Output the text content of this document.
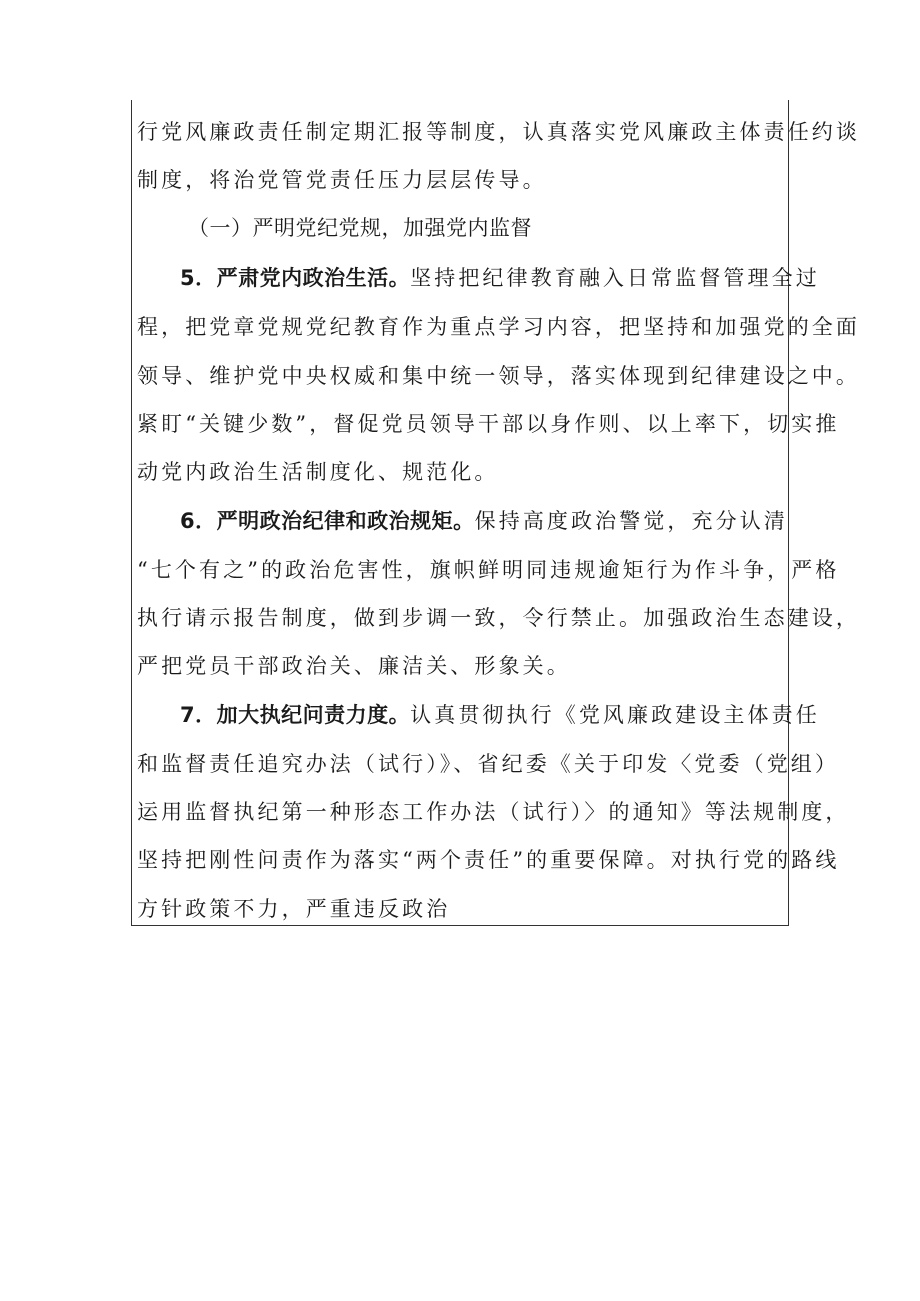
行党风廉政责任制定期汇报等制度，认真落实党风廉政主体责任约谈
制度，将治党管党责任压力层层传导。
（一）严明党纪党规，加强党内监督
5．严肃党内政治生活。坚持把纪律教育融入日常监督管理全过
程，把党章党规党纪教育作为重点学习内容，把坚持和加强党的全面
领导、维护党中央权威和集中统一领导，落实体现到纪律建设之中。
紧盯“关键少数”，督促党员领导干部以身作则、以上率下，切实推
动党内政治生活制度化、规范化。
6．严明政治纪律和政治规矩。保持高度政治警觉，充分认清
“七个有之”的政治危害性，旗帜鲜明同违规逾矩行为作斗争，严格
执行请示报告制度，做到步调一致，令行禁止。加强政治生态建设，
严把党员干部政治关、廉洁关、形象关。
7．加大执纪问责力度。认真贯彻执行《党风廉政建设主体责任
和监督责任追究办法（试行）》、省纪委《关于印发〈党委（党组）
运用监督执纪第一种形态工作办法（试行）〉的通知》等法规制度，
坚持把刚性问责作为落实“两个责任”的重要保障。对执行党的路线
方针政策不力，严重违反政治
